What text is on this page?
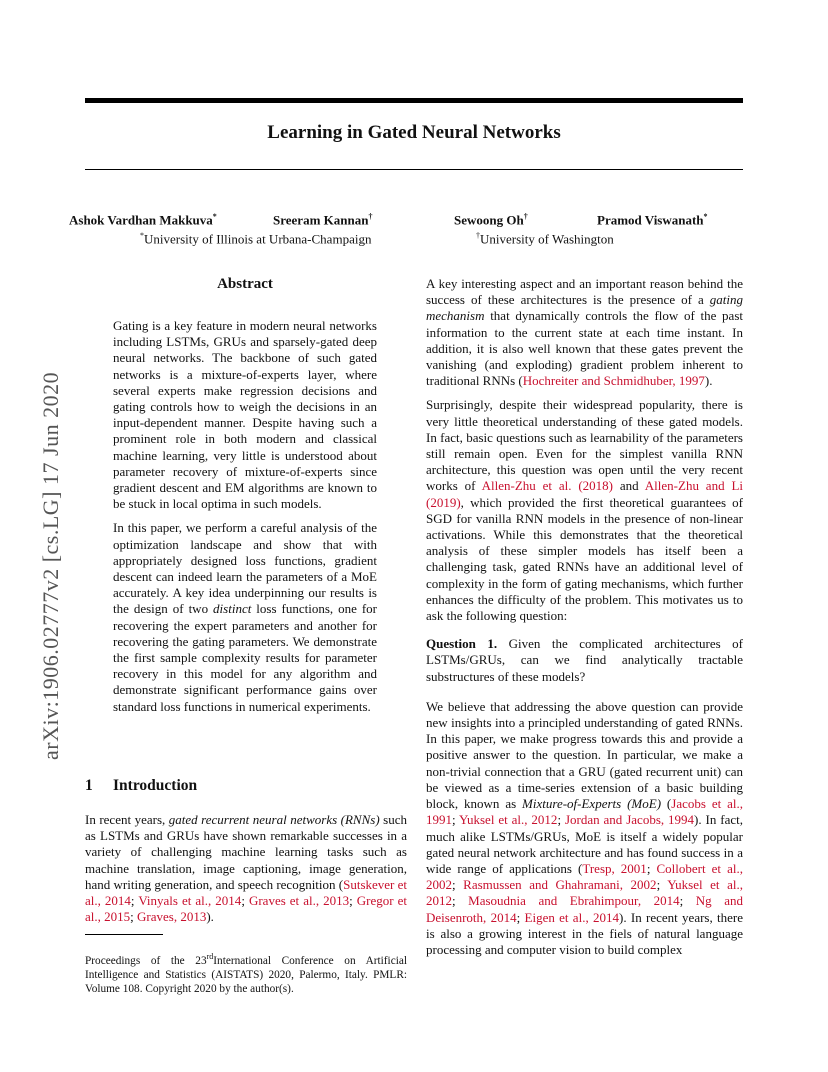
Learning in Gated Neural Networks
arXiv:1906.02777v2 [cs.LG] 17 Jun 2020
Ashok Vardhan Makkuva*	Sreeram Kannan†	Sewoong Oh†	Pramod Viswanath*
*University of Illinois at Urbana-Champaign	†University of Washington
Abstract

Gating is a key feature in modern neural networks including LSTMs, GRUs and sparsely-gated deep neural networks. The backbone of such gated networks is a mixture-of-experts layer, where several experts make regression decisions and gating controls how to weigh the decisions in an input-dependent manner. Despite having such a prominent role in both modern and classical machine learning, very little is understood about parameter recovery of mixture-of-experts since gradient descent and EM algorithms are known to be stuck in local optima in such models.

In this paper, we perform a careful analysis of the optimization landscape and show that with appropriately designed loss functions, gradient descent can indeed learn the parameters of a MoE accurately. A key idea underpinning our results is the design of two distinct loss functions, one for recovering the expert parameters and another for recovering the gating parameters. We demonstrate the first sample complexity results for parameter recovery in this model for any algorithm and demonstrate significant performance gains over standard loss functions in numerical experiments.

1 Introduction

In recent years, gated recurrent neural networks (RNNs) such as LSTMs and GRUs have shown remarkable successes in a variety of challenging machine learning tasks such as machine translation, image captioning, image generation, hand writing generation, and speech recognition (Sutskever et al., 2014; Vinyals et al., 2014; Graves et al., 2013; Gregor et al., 2015; Graves, 2013).

Proceedings of the 23rdInternational Conference on Artificial Intelligence and Statistics (AISTATS) 2020, Palermo, Italy. PMLR: Volume 108. Copyright 2020 by the author(s).

A key interesting aspect and an important reason behind the success of these architectures is the presence of a gating mechanism that dynamically controls the flow of the past information to the current state at each time instant. In addition, it is also well known that these gates prevent the vanishing (and exploding) gradient problem inherent to traditional RNNs (Hochreiter and Schmidhuber, 1997).

Surprisingly, despite their widespread popularity, there is very little theoretical understanding of these gated models. In fact, basic questions such as learnability of the parameters still remain open. Even for the simplest vanilla RNN architecture, this question was open until the very recent works of Allen-Zhu et al. (2018) and Allen-Zhu and Li (2019), which provided the first theoretical guarantees of SGD for vanilla RNN models in the presence of non-linear activations. While this demonstrates that the theoretical analysis of these simpler models has itself been a challenging task, gated RNNs have an additional level of complexity in the form of gating mechanisms, which further enhances the difficulty of the problem. This motivates us to ask the following question:

Question 1. Given the complicated architectures of LSTMs/GRUs, can we find analytically tractable substructures of these models?

We believe that addressing the above question can provide new insights into a principled understanding of gated RNNs. In this paper, we make progress towards this and provide a positive answer to the question. In particular, we make a non-trivial connection that a GRU (gated recurrent unit) can be viewed as a time-series extension of a basic building block, known as Mixture-of-Experts (MoE) (Jacobs et al., 1991; Yuksel et al., 2012; Jordan and Jacobs, 1994). In fact, much alike LSTMs/GRUs, MoE is itself a widely popular gated neural network architecture and has found success in a wide range of applications (Tresp, 2001; Collobert et al., 2002; Rasmussen and Ghahramani, 2002; Yuksel et al., 2012; Masoudnia and Ebrahimpour, 2014; Ng and Deisenroth, 2014; Eigen et al., 2014). In recent years, there is also a growing interest in the fiels of natural language processing and computer vision to build complex
